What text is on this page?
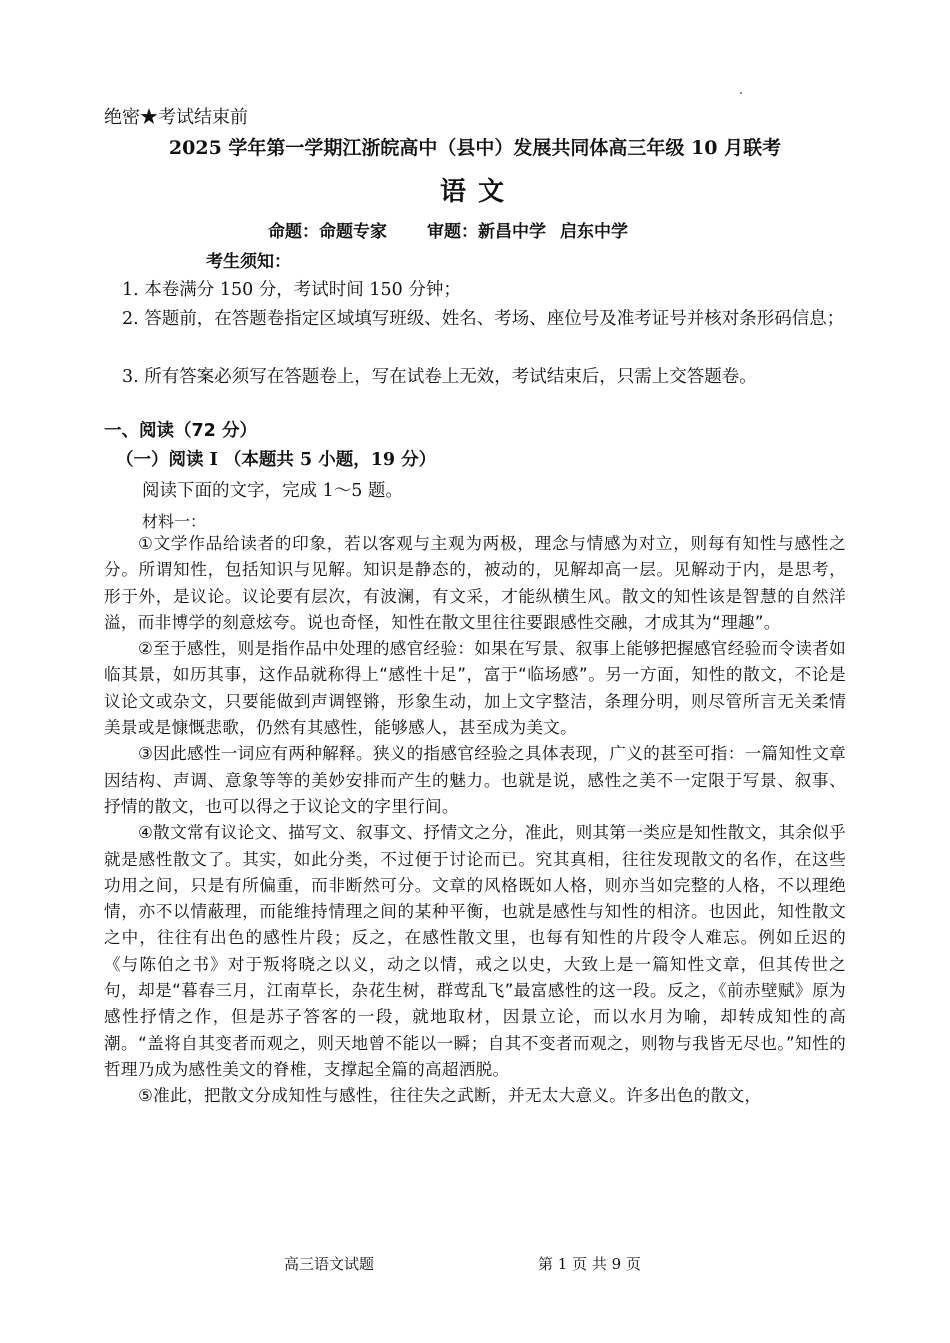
绝密★考试结束前
2025 学年第一学期江浙皖高中（县中）发展共同体高三年级 10 月联考
语文
命题：命题专家 审题：新昌中学 启东中学
考生须知：
1. 本卷满分 150 分，考试时间 150 分钟；
2. 答题前，在答题卷指定区域填写班级、姓名、考场、座位号及准考证号并核对条形码信息；
3. 所有答案必须写在答题卷上，写在试卷上无效，考试结束后，只需上交答题卷。
一、阅读（72 分）
（一）阅读 I （本题共 5 小题，19 分）
阅读下面的文字，完成 1～5 题。
材料一：

①文学作品给读者的印象，若以客观与主观为两极，理念与情感为对立，则每有知性与感性之分。所谓知性，包括知识与见解。知识是静态的，被动的，见解却高一层。见解动于内，是思考，形于外，是议论。议论要有层次，有波澜，有文采，才能纵横生风。散文的知性该是智慧的自然洋溢，而非博学的刻意炫夸。说也奇怪，知性在散文里往往要跟感性交融，才成其为“理趣”。

②至于感性，则是指作品中处理的感官经验：如果在写景、叙事上能够把握感官经验而令读者如临其景，如历其事，这作品就称得上“感性十足”，富于“临场感”。另一方面，知性的散文，不论是议论文或杂文，只要能做到声调铿锵，形象生动，加上文字整洁，条理分明，则尽管所言无关柔情美景或是慷慨悲歌，仍然有其感性，能够感人，甚至成为美文。

③因此感性一词应有两种解释。狭义的指感官经验之具体表现，广义的甚至可指：一篇知性文章因结构、声调、意象等等的美妙安排而产生的魅力。也就是说，感性之美不一定限于写景、叙事、抒情的散文，也可以得之于议论文的字里行间。

④散文常有议论文、描写文、叙事文、抒情文之分，准此，则其第一类应是知性散文，其余似乎就是感性散文了。其实，如此分类，不过便于讨论而已。究其真相，往往发现散文的名作，在这些功用之间，只是有所偏重，而非断然可分。文章的风格既如人格，则亦当如完整的人格，不以理绝情，亦不以情蔽理，而能维持情理之间的某种平衡，也就是感性与知性的相济。也因此，知性散文之中，往往有出色的感性片段；反之，在感性散文里，也每有知性的片段令人难忘。例如丘迟的《与陈伯之书》对于叛将晓之以义，动之以情，戒之以史，大致上是一篇知性文章，但其传世之句，却是“暮春三月，江南草长，杂花生树，群莺乱飞”最富感性的这一段。反之，《前赤壁赋》原为感性抒情之作，但是苏子答客的一段，就地取材，因景立论，而以水月为喻，却转成知性的高潮。“盖将自其变者而观之，则天地曾不能以一瞬；自其不变者而观之，则物与我皆无尽也。”知性的哲理乃成为感性美文的脊椎，支撑起全篇的高超洒脱。

⑤准此，把散文分成知性与感性，往往失之武断，并无太大意义。许多出色的散文，

高三语文试题	第 1 页 共 9 页
